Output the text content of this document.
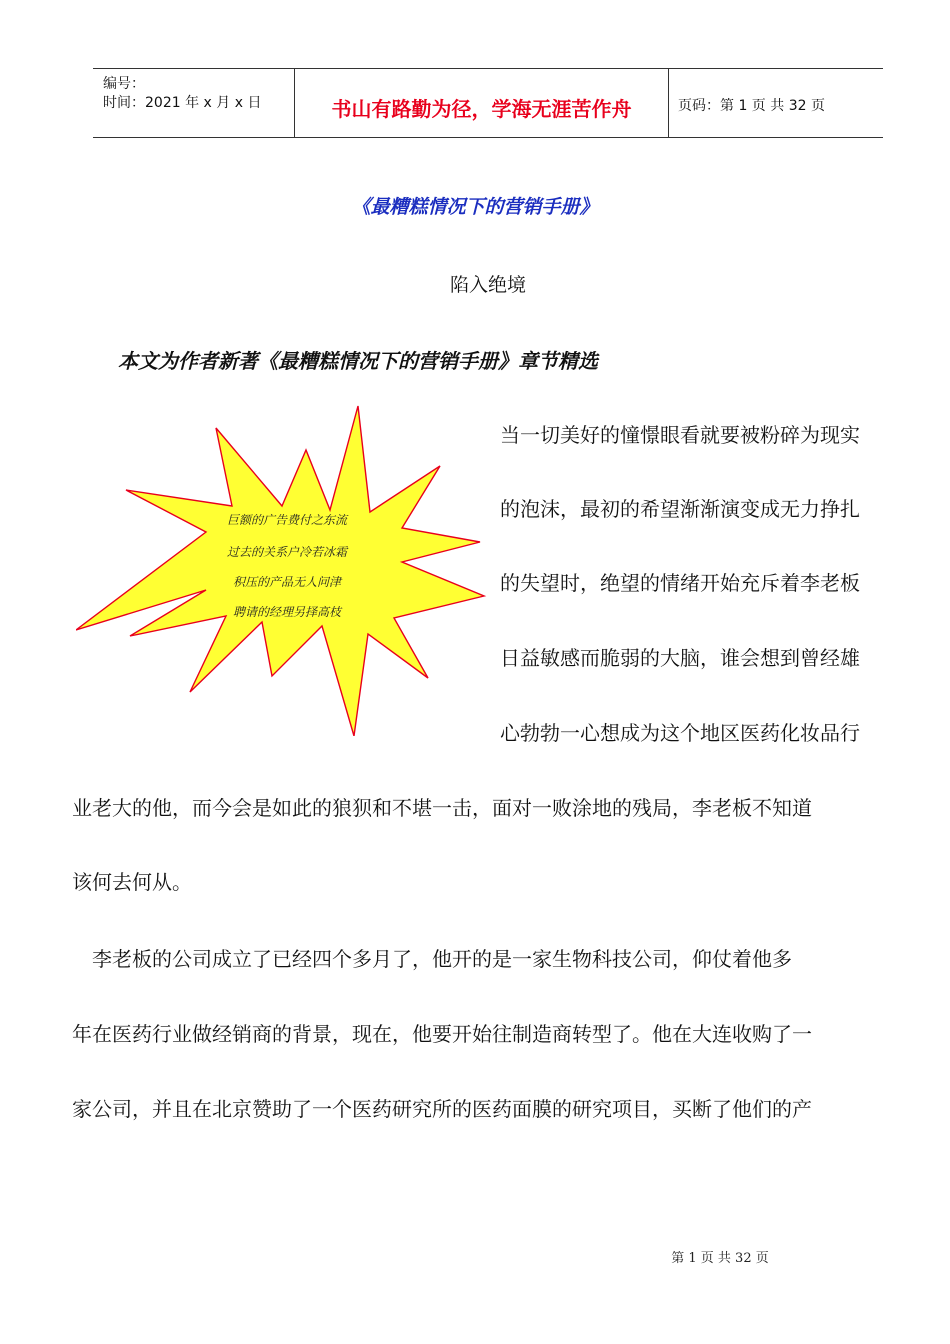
编号：
时间：2021 年 x 月 x 日	书山有路勤为径，学海无涯苦作舟	页码：第 1 页 共 32 页
《最糟糕情况下的营销手册》
陷入绝境
本文为作者新著《最糟糕情况下的营销手册》章节精选
巨额的广告费付之东流
过去的关系户冷若冰霜
积压的产品无人问津
聘请的经理另择高枝
当一切美好的憧憬眼看就要被粉碎为现实
的泡沫，最初的希望渐渐演变成无力挣扎
的失望时，绝望的情绪开始充斥着李老板
日益敏感而脆弱的大脑，谁会想到曾经雄
心勃勃一心想成为这个地区医药化妆品行
业老大的他，而今会是如此的狼狈和不堪一击，面对一败涂地的残局，李老板不知道
该何去何从。
　李老板的公司成立了已经四个多月了，他开的是一家生物科技公司，仰仗着他多
年在医药行业做经销商的背景，现在，他要开始往制造商转型了。他在大连收购了一
家公司，并且在北京赞助了一个医药研究所的医药面膜的研究项目，买断了他们的产
第 1 页 共 32 页
